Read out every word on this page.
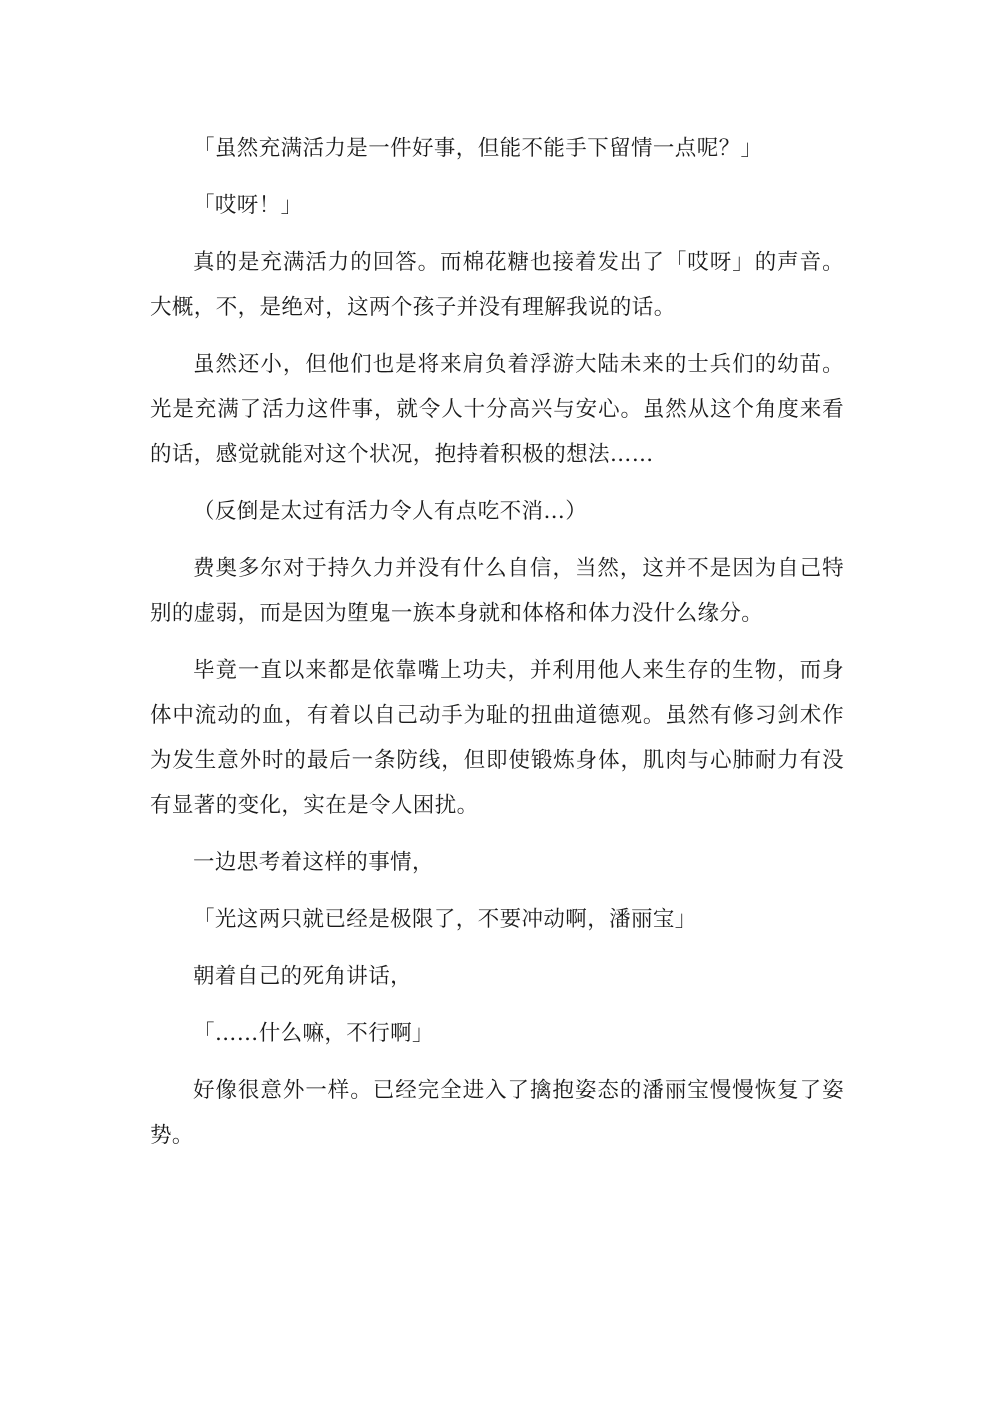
「虽然充满活力是一件好事，但能不能手下留情一点呢？」

「哎呀！」

真的是充满活力的回答。而棉花糖也接着发出了「哎呀」的声音。大概，不，是绝对，这两个孩子并没有理解我说的话。

虽然还小，但他们也是将来肩负着浮游大陆未来的士兵们的幼苗。光是充满了活力这件事，就令人十分高兴与安心。虽然从这个角度来看的话，感觉就能对这个状况，抱持着积极的想法……

（反倒是太过有活力令人有点吃不消…）

费奥多尔对于持久力并没有什么自信，当然，这并不是因为自己特别的虚弱，而是因为堕鬼一族本身就和体格和体力没什么缘分。

毕竟一直以来都是依靠嘴上功夫，并利用他人来生存的生物，而身体中流动的血，有着以自己动手为耻的扭曲道德观。虽然有修习剑术作为发生意外时的最后一条防线，但即使锻炼身体，肌肉与心肺耐力有没有显著的变化，实在是令人困扰。

一边思考着这样的事情，

「光这两只就已经是极限了，不要冲动啊，潘丽宝」

朝着自己的死角讲话，

「……什么嘛，不行啊」

好像很意外一样。已经完全进入了擒抱姿态的潘丽宝慢慢恢复了姿势。
